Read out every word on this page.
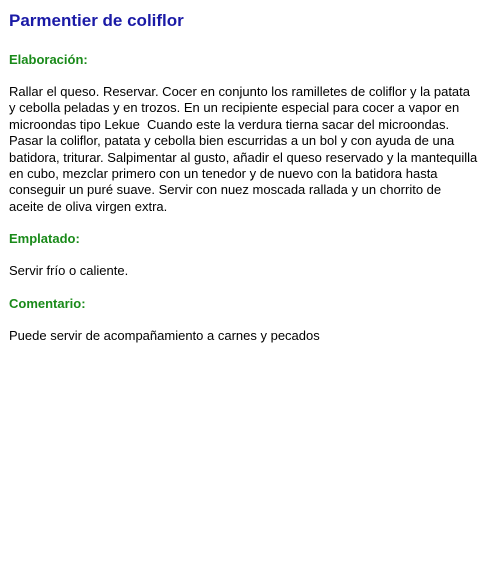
Parmentier de coliflor
Elaboración:

Rallar el queso. Reservar. Cocer en conjunto los ramilletes de coliflor y la patata y cebolla peladas y en trozos. En un recipiente especial para cocer a vapor en microondas tipo Lekue  Cuando este la verdura tierna sacar del microondas. Pasar la coliflor, patata y cebolla bien escurridas a un bol y con ayuda de una batidora, triturar. Salpimentar al gusto, añadir el queso reservado y la mantequilla en cubo, mezclar primero con un tenedor y de nuevo con la batidora hasta conseguir un puré suave. Servir con nuez moscada rallada y un chorrito de aceite de oliva virgen extra.

Emplatado:

Servir frío o caliente.

Comentario:

Puede servir de acompañamiento a carnes y pecados
